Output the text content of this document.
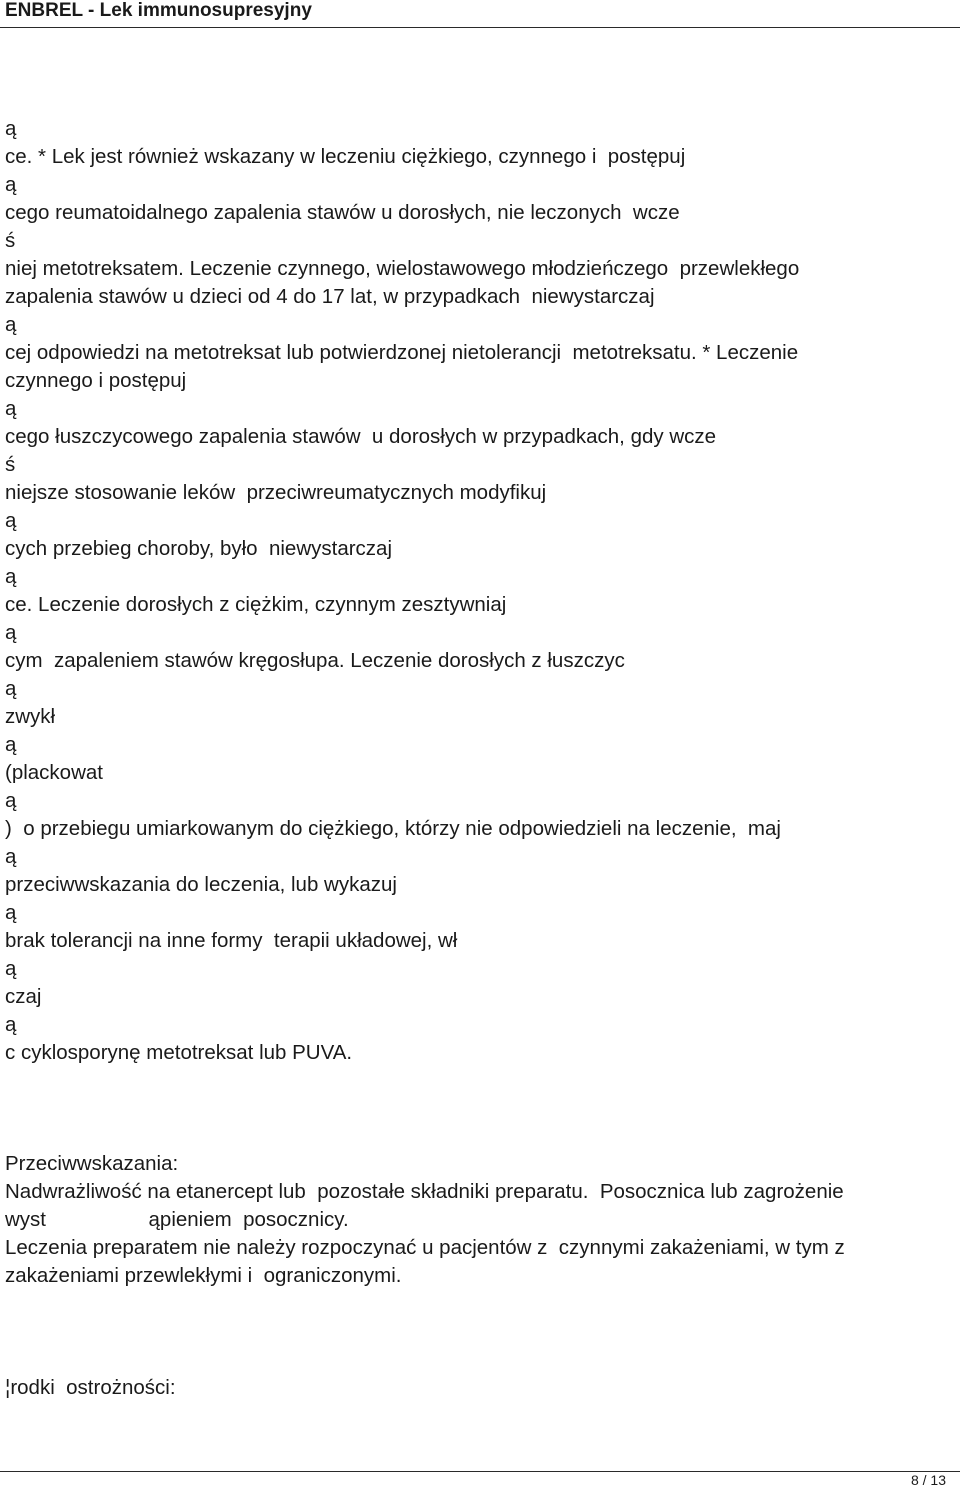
ENBREL - Lek immunosupresyjny
ą
ce. * Lek jest również wskazany w leczeniu ciężkiego, czynnego i  postępuj
ą
cego reumatoidalnego zapalenia stawów u dorosłych, nie leczonych  wcze
ś
niej metotreksatem. Leczenie czynnego, wielostawowego młodzieńczego  przewlekłego
zapalenia stawów u dzieci od 4 do 17 lat, w przypadkach  niewystarczaj
ą
cej odpowiedzi na metotreksat lub potwierdzonej nietolerancji  metotreksatu. * Leczenie
czynnego i postępuj
ą
cego łuszczycowego zapalenia stawów  u dorosłych w przypadkach, gdy wcze
ś
niejsze stosowanie leków  przeciwreumatycznych modyfikuj
ą
cych przebieg choroby, było  niewystarczaj
ą
ce. Leczenie dorosłych z ciężkim, czynnym zesztywniaj
ą
cym  zapaleniem stawów kręgosłupa. Leczenie dorosłych z łuszczyc
ą
zwykł
ą
(plackowat
ą
)  o przebiegu umiarkowanym do ciężkiego, którzy nie odpowiedzieli na leczenie,  maj
ą
przeciwwskazania do leczenia, lub wykazuj
ą
brak tolerancji na inne formy  terapii układowej, wł
ą
czaj
ą
c cyklosporynę metotreksat lub PUVA.
Przeciwwskazania:
Nadwrażliwość na etanercept lub  pozostałe składniki preparatu.  Posocznica lub zagrożenie
wyst                  ąpieniem  posocznicy.
Leczenia preparatem nie należy rozpoczynać u pacjentów z  czynnymi zakażeniami, w tym z
zakażeniami przewlekłymi i  ograniczonymi.
¦rodki  ostrożności:
8 / 13
